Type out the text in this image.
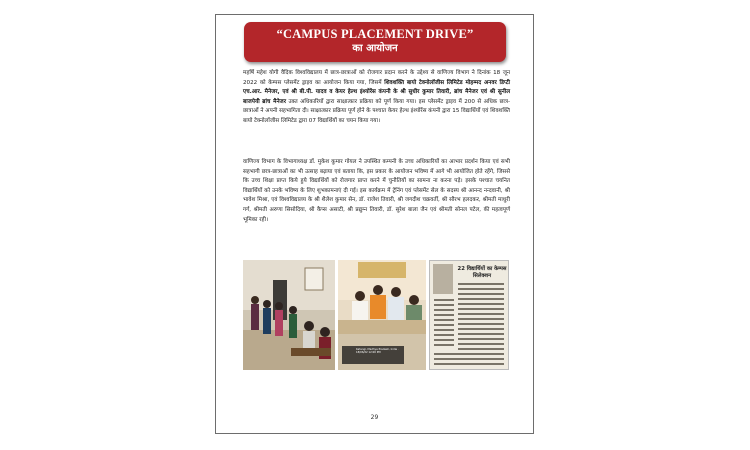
“CAMPUS PLACEMENT DRIVE”
का आयोजन

महर्षि महेश योगी वैदिक विश्वविद्यालय में छात्र-छात्राओं को रोजगार प्रदान करने के उद्देश्य से वाणिज्य विभाग ने दिनांक 18 जून 2022 को केम्पस प्लेसमेंट ड्राइव का आयोजन किया गया, जिसमें शिवशक्ति बायो टेक्नोलॉजीस लिमिटेड मोहम्मद अनवर डिप्टी एच.आर. मैनेजर, एवं श्री बी.पी. यादव व केयर हेल्थ इंश्योरेंस कंपनी के श्री सुधीर कुमार तिवारी, ब्रांच मैनेजर एवं श्री सुनील बाजपेयी ब्रांच मैनेजर उक्त अधिकारियों द्वारा साक्षात्कार प्रक्रिया को पूर्ण किया गया। इस प्लेसमेंट ड्राइव में 200 से अधिक छात्र-छात्राओं ने अपनी सहभागिता दी। साक्षात्कार प्रक्रिया पूर्ण होने के पश्चात केयर हेल्थ इंश्योरेंस कंपनी द्वारा 15 विद्यार्थियों एवं शिवशक्ति बायो टेक्नोलॉजीस लिमिटेड द्वारा 07 विद्यार्थियों का चयन किया गया।

वाणिज्य विभाग के विभागाध्यक्ष डॉ. मुकेश कुमार गोयल ने उपस्थित कम्पनी के उच्च अधिकारियों का आभार प्रदर्शन किया एवं सभी सहभागी छात्र-छात्राओं का भी उत्साह बढ़ाया एवं बताया कि, इस प्रकार के आयोजन भविष्य में आगे भी आयोजित होते रहेंगे, जिससे कि उच्च शिक्षा प्राप्त किये हुये विद्यार्थियों को रोजगार प्राप्त करने में चुनौतियों का सामना ना करना पड़े। इसके पश्चात चयनित विद्यार्थियों को उनके भविष्य के लिए शुभकामनाएं दी गई। इस कार्यक्रम में ट्रेनिंग एवं प्लेसमेंट सेल के सदस्य श्री आनन्द नन्दवानी, श्री भावेश मिश्रा, एवं विश्वविद्यालय के श्री शैलेश कुमार सेन, डॉ. राजेश तिवारी, श्री जगदीश चक्रवर्ती, श्री सौरभ हलदकर, श्रीमती माधुरी गर्ग, श्रीमती अरुणा सिसोदिया, श्री कैप्स असाटी, श्री प्रद्युम्न तिवारी, डॉ. सुरेश बाला जैन एवं श्रीमती सोनल पटेल, की महत्वपूर्ण भूमिका रही।

Katangi, Madhya Pradesh, India · 18/06/22 12:00 PM
22 विद्यार्थियों का केम्पस सिलेक्शन
29
